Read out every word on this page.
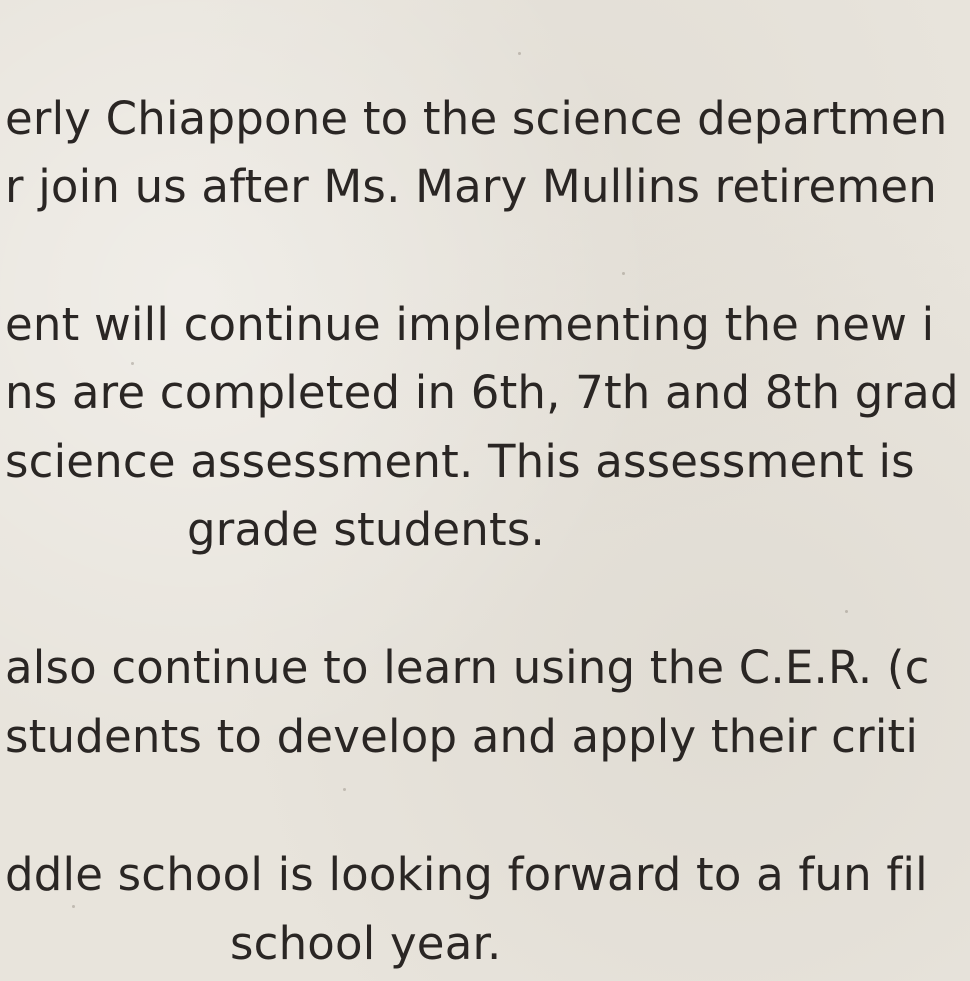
erly Chiappone to the science departmen
r join us after Ms. Mary Mullins retiremen
ent will continue implementing the new i
ns are completed in 6th, 7th and 8th grad
science assessment. This assessment is
grade students.
also continue to learn using the C.E.R. (c
students to develop and apply their criti
ddle school is looking forward to a fun fil
school year.
